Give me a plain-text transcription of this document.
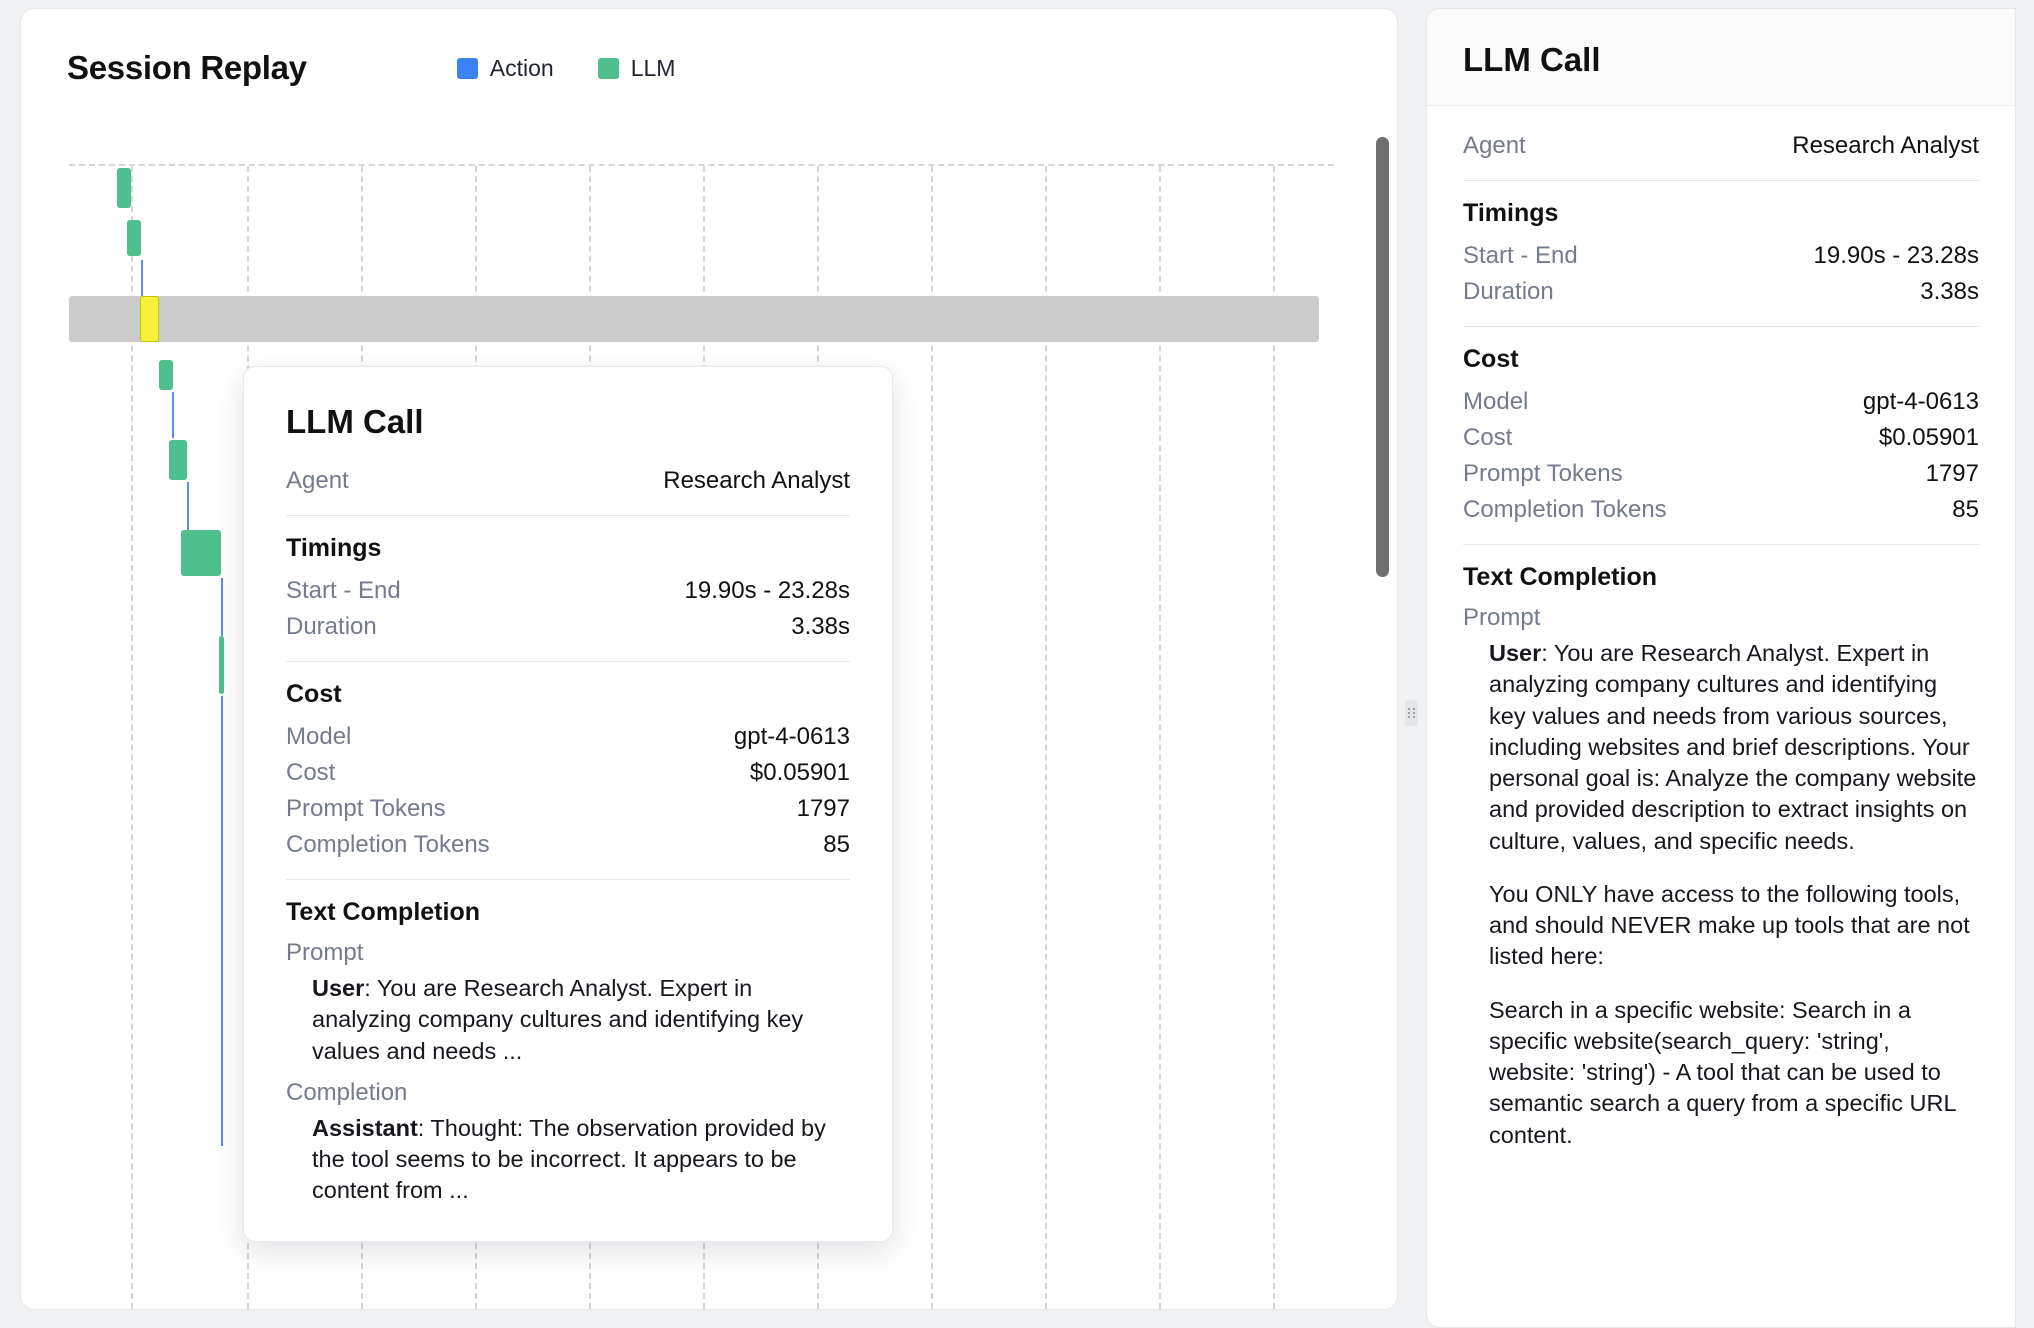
Session Replay	Action	LLM
LLM Call
Agent	Research Analyst
Timings
Start - End	19.90s - 23.28s
Duration	3.38s
Cost
Model	gpt-4-0613
Cost	$0.05901
Prompt Tokens	1797
Completion Tokens	85
Text Completion
Prompt
User: You are Research Analyst. Expert in analyzing company cultures and identifying key values and needs ...
Completion
Assistant: Thought: The observation provided by the tool seems to be incorrect. It appears to be content from ...
LLM Call
Agent	Research Analyst
Timings
Start - End	19.90s - 23.28s
Duration	3.38s
Cost
Model	gpt-4-0613
Cost	$0.05901
Prompt Tokens	1797
Completion Tokens	85
Text Completion
Prompt

User: You are Research Analyst. Expert in analyzing company cultures and identifying key values and needs from various sources, including websites and brief descriptions. Your personal goal is: Analyze the company website and provided description to extract insights on culture, values, and specific needs.

You ONLY have access to the following tools, and should NEVER make up tools that are not listed here:

Search in a specific website: Search in a specific website(search_query: 'string', website: 'string') - A tool that can be used to semantic search a query from a specific URL content.
